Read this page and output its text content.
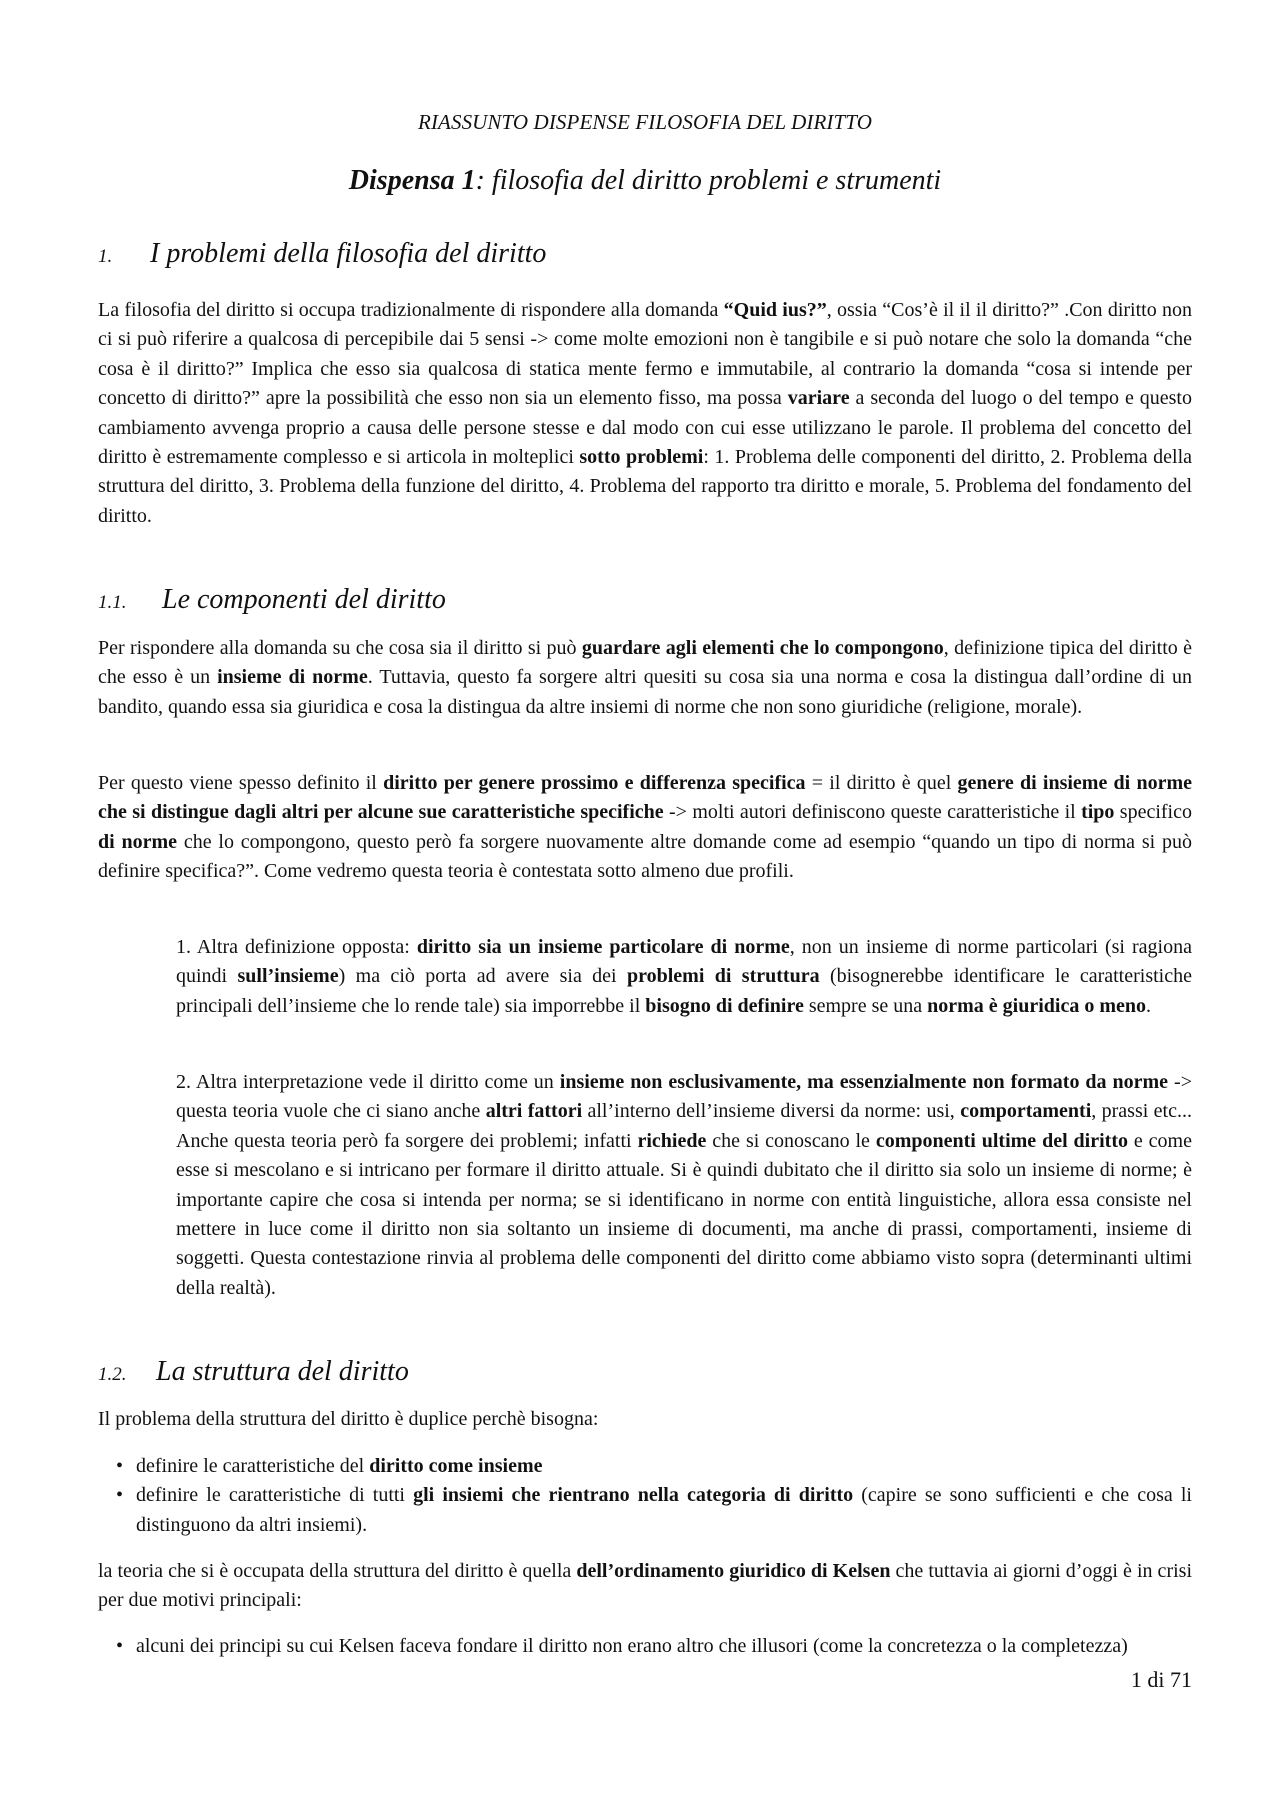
RIASSUNTO DISPENSE FILOSOFIA DEL DIRITTO
Dispensa 1: filosofia del diritto problemi e strumenti
1. I problemi della filosofia del diritto

La filosofia del diritto si occupa tradizionalmente di rispondere alla domanda “Quid ius?”, ossia “Cos’è il il il diritto?” .Con diritto non ci si può riferire a qualcosa di percepibile dai 5 sensi -> come molte emozioni non è tangibile e si può notare che solo la domanda “che cosa è il diritto?” Implica che esso sia qualcosa di statica mente fermo e immutabile, al contrario la domanda “cosa si intende per concetto di diritto?” apre la possibilità che esso non sia un elemento fisso, ma possa variare a seconda del luogo o del tempo e questo cambiamento avvenga proprio a causa delle persone stesse e dal modo con cui esse utilizzano le parole. Il problema del concetto del diritto è estremamente complesso e si articola in molteplici sotto problemi: 1. Problema delle componenti del diritto, 2. Problema della struttura del diritto, 3. Problema della funzione del diritto, 4. Problema del rapporto tra diritto e morale, 5. Problema del fondamento del diritto.

1.1. Le componenti del diritto

Per rispondere alla domanda su che cosa sia il diritto si può guardare agli elementi che lo compongono, definizione tipica del diritto è che esso è un insieme di norme. Tuttavia, questo fa sorgere altri quesiti su cosa sia una norma e cosa la distingua dall’ordine di un bandito, quando essa sia giuridica e cosa la distingua da altre insiemi di norme che non sono giuridiche (religione, morale).

Per questo viene spesso definito il diritto per genere prossimo e differenza specifica = il diritto è quel genere di insieme di norme che si distingue dagli altri per alcune sue caratteristiche specifiche -> molti autori definiscono queste caratteristiche il tipo specifico di norme che lo compongono, questo però fa sorgere nuovamente altre domande come ad esempio “quando un tipo di norma si può definire specifica?”. Come vedremo questa teoria è contestata sotto almeno due profili.

1. Altra definizione opposta: diritto sia un insieme particolare di norme, non un insieme di norme particolari (si ragiona quindi sull’insieme) ma ciò porta ad avere sia dei problemi di struttura (bisognerebbe identificare le caratteristiche principali dell’insieme che lo rende tale) sia imporrebbe il bisogno di definire sempre se una norma è giuridica o meno.

2. Altra interpretazione vede il diritto come un insieme non esclusivamente, ma essenzialmente non formato da norme -> questa teoria vuole che ci siano anche altri fattori all’interno dell’insieme diversi da norme: usi, comportamenti, prassi etc... Anche questa teoria però fa sorgere dei problemi; infatti richiede che si conoscano le componenti ultime del diritto e come esse si mescolano e si intricano per formare il diritto attuale. Si è quindi dubitato che il diritto sia solo un insieme di norme; è importante capire che cosa si intenda per norma; se si identificano in norme con entità linguistiche, allora essa consiste nel mettere in luce come il diritto non sia soltanto un insieme di documenti, ma anche di prassi, comportamenti, insieme di soggetti. Questa contestazione rinvia al problema delle componenti del diritto come abbiamo visto sopra (determinanti ultimi della realtà).

1.2. La struttura del diritto

Il problema della struttura del diritto è duplice perchè bisogna:

• definire le caratteristiche del diritto come insieme
• definire le caratteristiche di tutti gli insiemi che rientrano nella categoria di diritto (capire se sono sufficienti e che cosa li distinguono da altri insiemi).

la teoria che si è occupata della struttura del diritto è quella dell’ordinamento giuridico di Kelsen che tuttavia ai giorni d’oggi è in crisi per due motivi principali:

• alcuni dei principi su cui Kelsen faceva fondare il diritto non erano altro che illusori (come la concretezza o la completezza)
1 di 71
